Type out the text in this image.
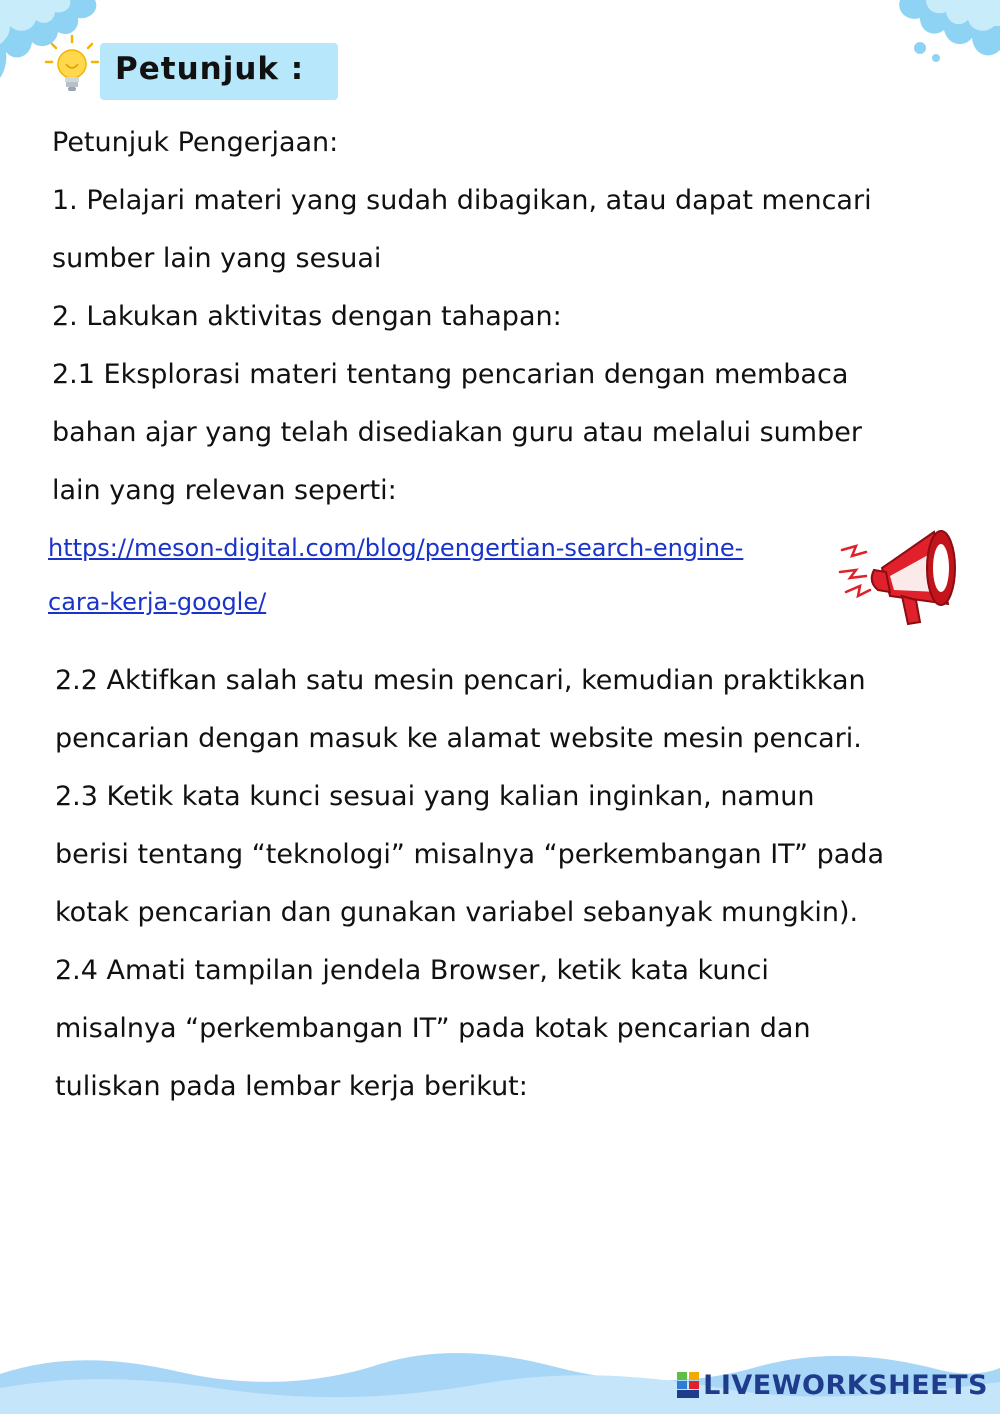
Petunjuk :
Petunjuk Pengerjaan:
1. Pelajari materi yang sudah dibagikan, atau dapat mencari
sumber lain yang sesuai
2. Lakukan aktivitas dengan tahapan:
2.1 Eksplorasi materi tentang pencarian dengan membaca
bahan ajar yang telah disediakan guru atau melalui sumber
lain yang relevan seperti:
https://meson-digital.com/blog/pengertian-search-engine-
cara-kerja-google/
2.2 Aktifkan salah satu mesin pencari, kemudian praktikkan
pencarian dengan masuk ke alamat website mesin pencari.
2.3 Ketik kata kunci sesuai yang kalian inginkan, namun
berisi tentang “teknologi” misalnya “perkembangan IT” pada
kotak pencarian dan gunakan variabel sebanyak mungkin).
2.4 Amati tampilan jendela Browser, ketik kata kunci
misalnya “perkembangan IT” pada kotak pencarian dan
tuliskan pada lembar kerja berikut:
LIVEWORKSHEETS
